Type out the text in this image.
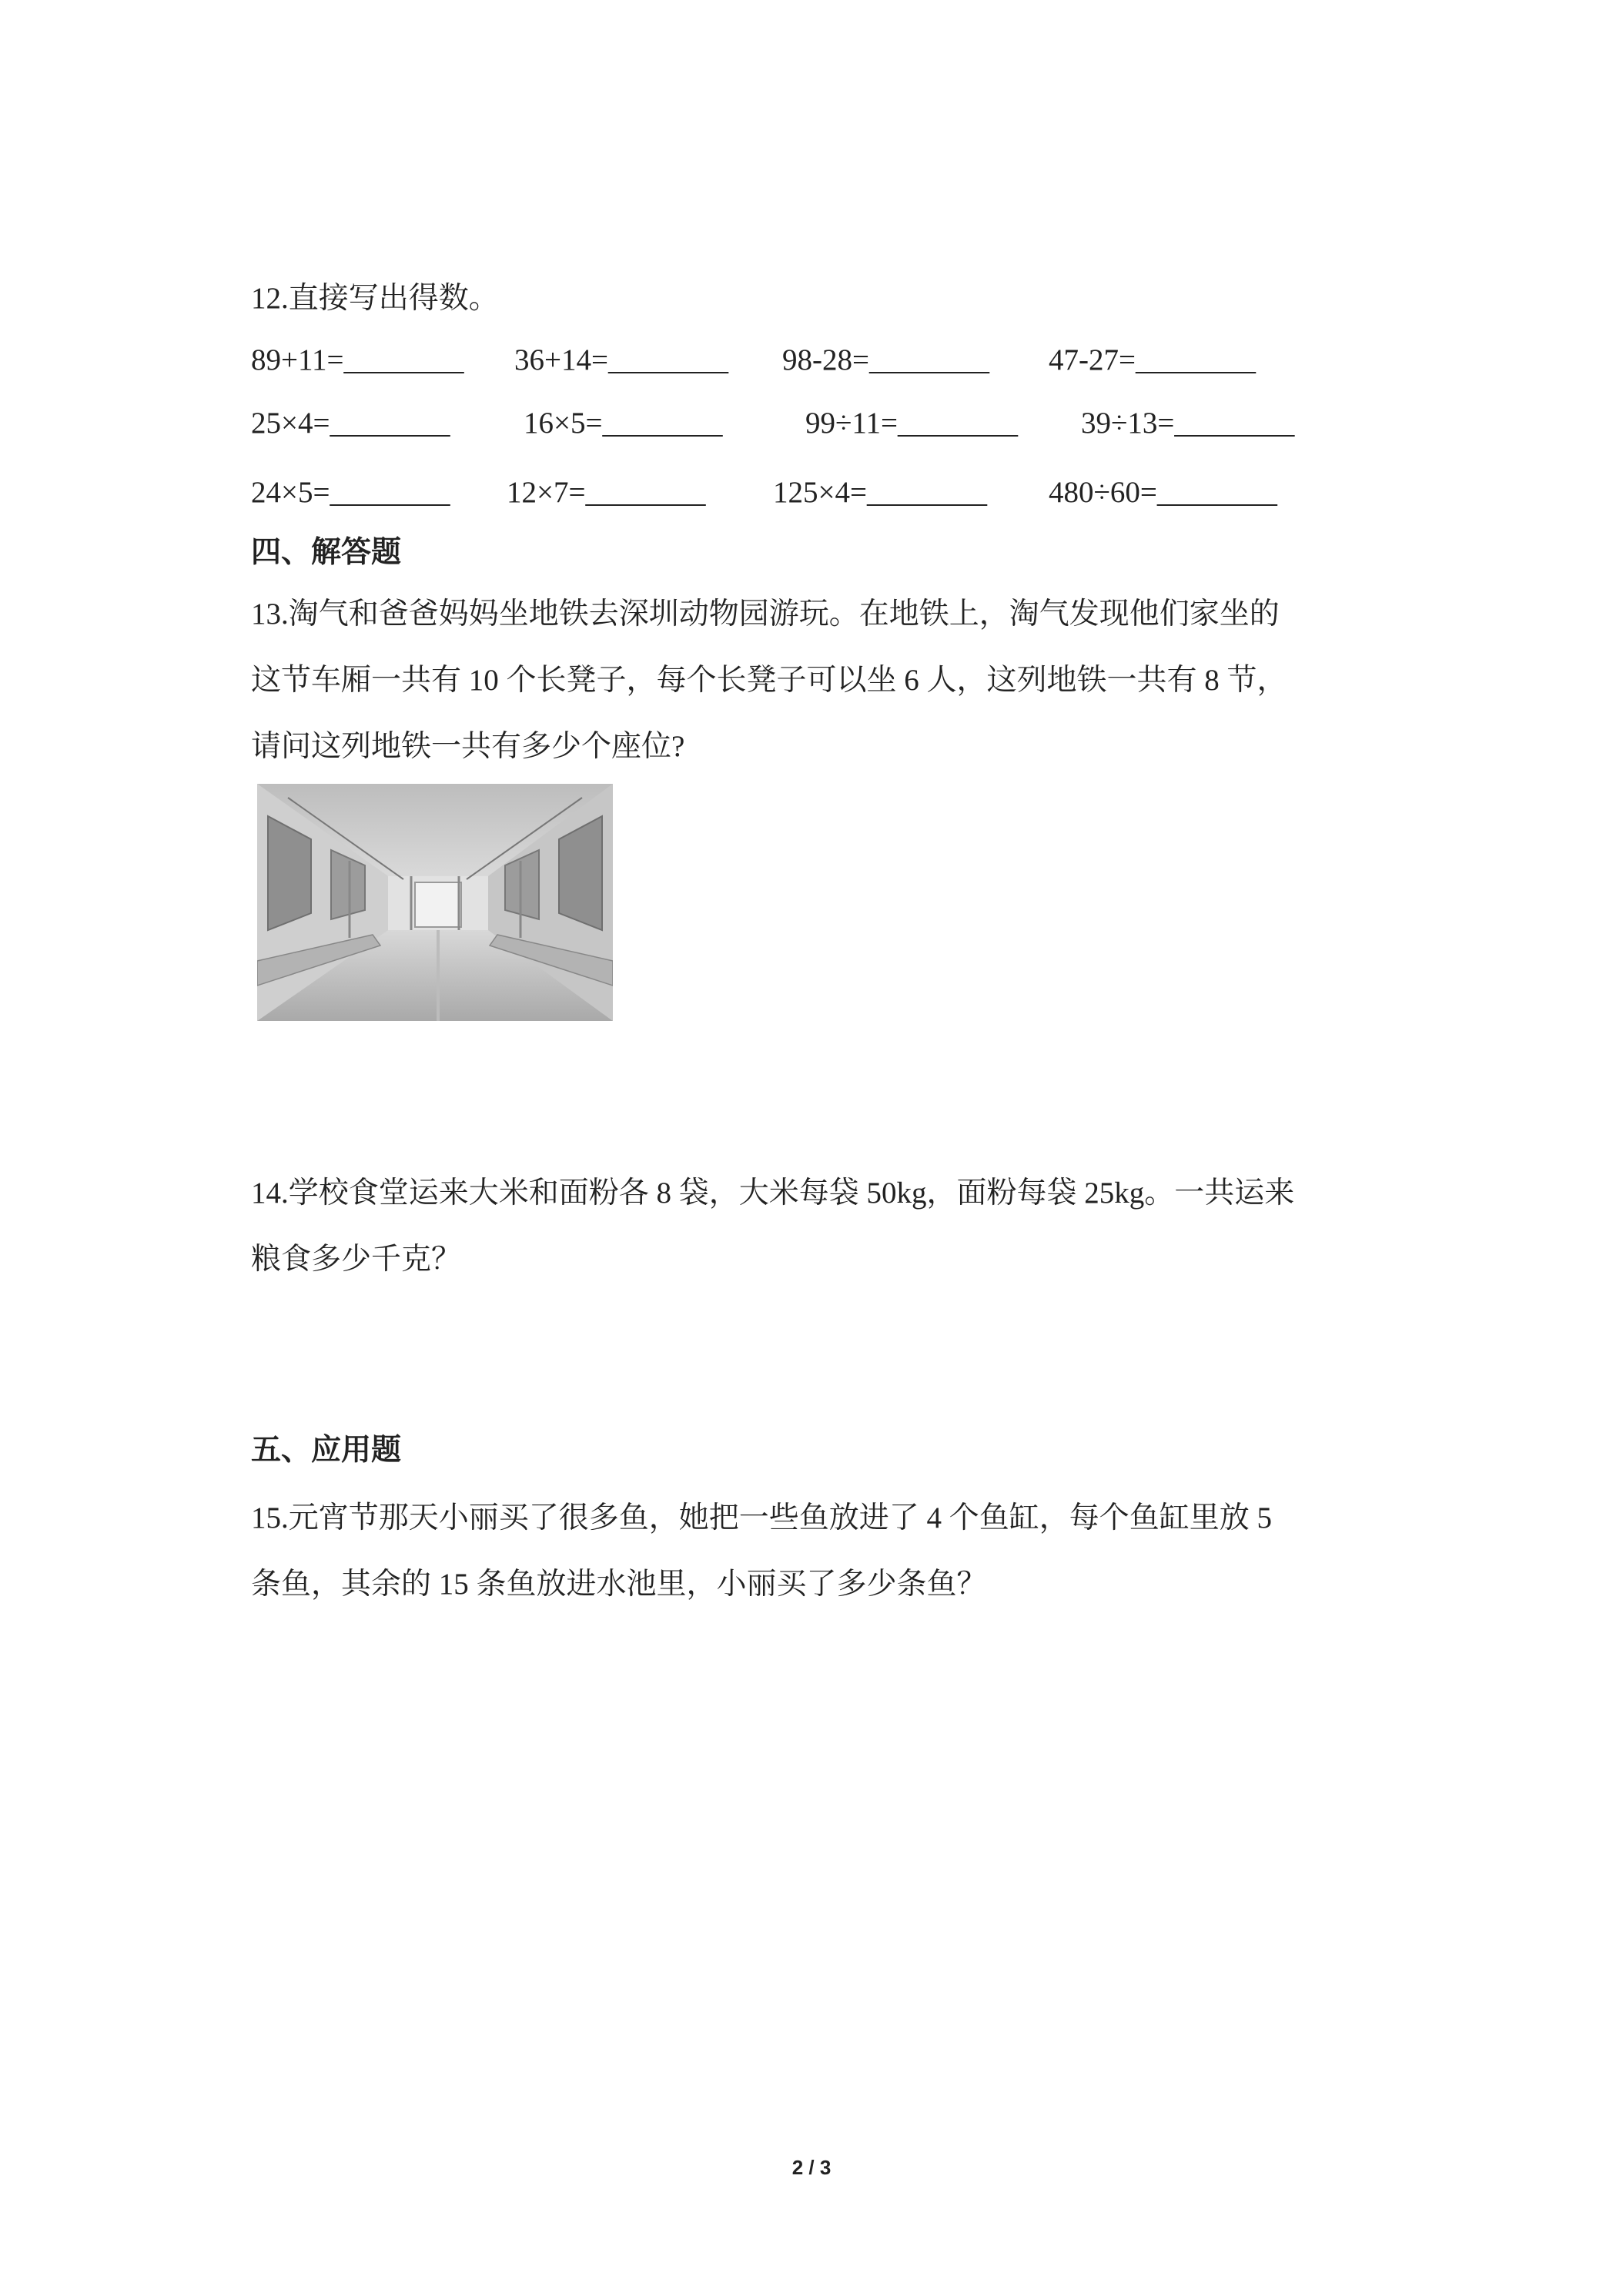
12.直接写出得数。
89+11=________ 36+14=________ 98-28=________ 47-27=________
25×4=________ 16×5=________	99÷11=________ 39÷13=________
24×5=________ 12×7=________ 125×4=________ 480÷60=________
四、解答题
13.淘气和爸爸妈妈坐地铁去深圳动物园游玩。在地铁上，淘气发现他们家坐的
这节车厢一共有 10 个长凳子，每个长凳子可以坐 6 人，这列地铁一共有 8 节，
请问这列地铁一共有多少个座位?
14.学校食堂运来大米和面粉各 8 袋，大米每袋 50kg，面粉每袋 25kg。一共运来
粮食多少千克？
五、应用题
15.元宵节那天小丽买了很多鱼，她把一些鱼放进了 4 个鱼缸，每个鱼缸里放 5
条鱼，其余的 15 条鱼放进水池里，小丽买了多少条鱼？
2 / 3
